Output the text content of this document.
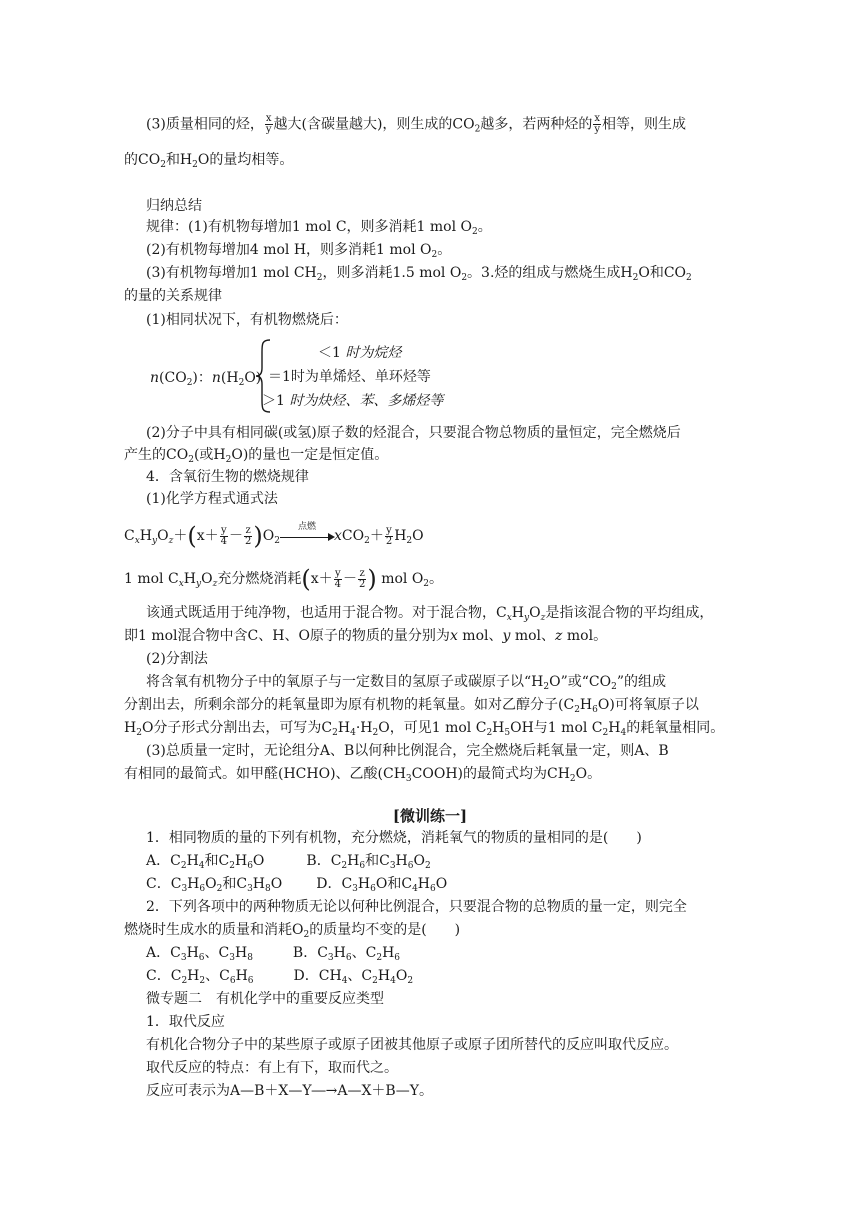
(3)质量相同的烃， $\frac{x}{y}$ 越大(含碳量越大)，则生成的$CO_2$越多，若两种烃的 $\frac{x}{y}$ 相等，则生成
的$CO_2$和$H_2O$的量均相等。
归纳总结
规律：(1)有机物每增加1 mol C，则多消耗1 mol $O_2$。
(2)有机物每增加4 mol H，则多消耗1 mol $O_2$。
(3)有机物每增加1 mol $CH_2$，则多消耗1.5 mol $O_2$。3.烃的组成与燃烧生成$H_2O$和$CO_2$
的量的关系规律
(1)相同状况下，有机物燃烧后：
$n(CO_2)$：$n(H_2O)$
＜1 时为烷烃
＝1时为单烯烃、单环烃等
＞1 时为炔烃、苯、多烯烃等
(2)分子中具有相同碳(或氢)原子数的烃混合，只要混合物总物质的量恒定，完全燃烧后
产生的$CO_2$(或$H_2O$)的量也一定是恒定值。
4．含氧衍生物的燃烧规律
(1)化学方程式通式法
$C_xH_yO_z+(x+ \frac{y}{4} - \frac{z}{2} )O_2$
点燃
$xCO_2+ \frac{y}{2} H_2O$
1 mol $C_xH_yO_z$充分燃烧消耗($x+ \frac{y}{4} - \frac{z}{2}$ ) mol $O_2$。
该通式既适用于纯净物，也适用于混合物。对于混合物，$C_xH_yO_z$是指该混合物的平均组成，
即1 mol混合物中含C、H、O原子的物质的量分别为x mol、y mol、z mol。
(2)分割法
将含氧有机物分子中的氧原子与一定数目的氢原子或碳原子以“$H_2O$”或“$CO_2$”的组成
分割出去，所剩余部分的耗氧量即为原有机物的耗氧量。如对乙醇分子$(C_2H_6O)$可将氧原子以
$H_2O$分子形式分割出去，可写为$C_2H_4\cdot H_2O$，可见1 mol $C_2H_5OH$与1 mol $C_2H_4$的耗氧量相同。
(3)总质量一定时，无论组分A、B以何种比例混合，完全燃烧后耗氧量一定，则A、B
有相同的最简式。如甲醛(HCHO)、乙酸$(CH_3COOH)$的最简式均为$CH_2O$。
[微训练一]
1．相同物质的量的下列有机物，充分燃烧，消耗氧气的物质的量相同的是(　　)
A．$C_2H_4$和$C_2H_6O$	B．$C_2H_6$和$C_3H_6O_2$
C．$C_3H_6O_2$和$C_3H_8O$ D．$C_3H_6O$和$C_4H_6O$
2．下列各项中的两种物质无论以何种比例混合，只要混合物的总物质的量一定，则完全
燃烧时生成水的质量和消耗$O_2$的质量均不变的是(　　)
A．$C_3H_6$、$C_3H_8$	B．$C_3H_6$、$C_2H_6$
C．$C_2H_2$、$C_6H_6$	D．$CH_4$、$C_2H_4O_2$
微专题二　有机化学中的重要反应类型
1．取代反应
有机化合物分子中的某些原子或原子团被其他原子或原子团所替代的反应叫取代反应。
取代反应的特点：有上有下，取而代之。
反应可表示为A—B＋X—Y―→A—X＋B—Y。
